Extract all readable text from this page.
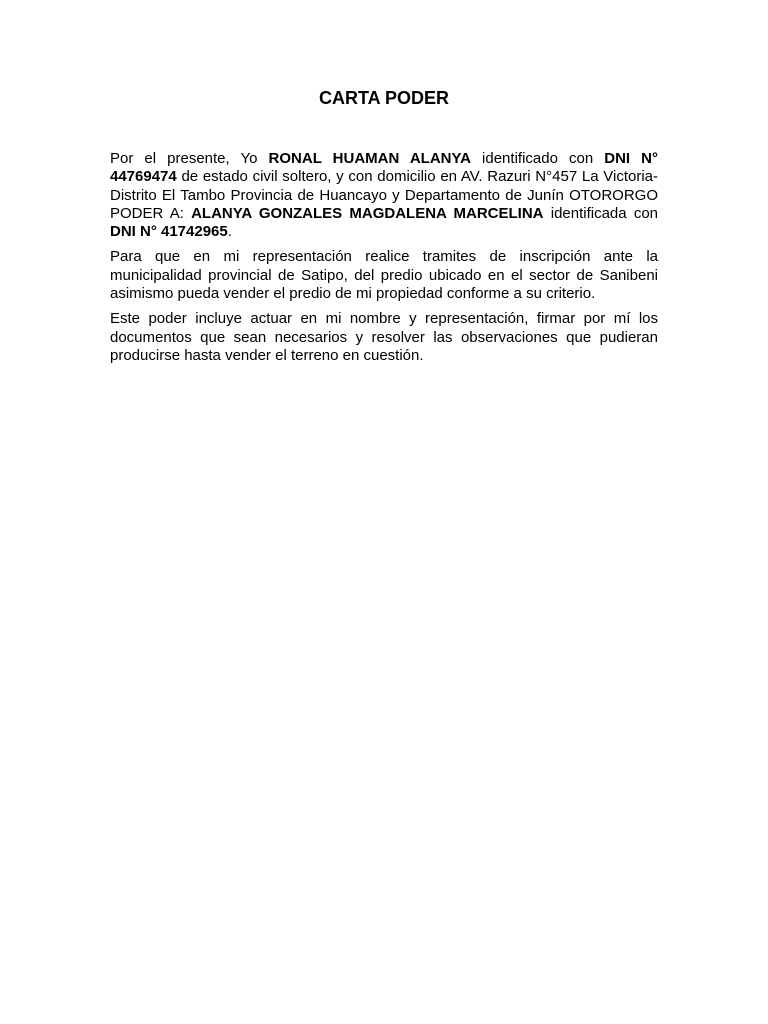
CARTA PODER

Por el presente, Yo RONAL HUAMAN ALANYA identificado con DNI N° 44769474 de estado civil soltero, y con domicilio en AV. Razuri N°457 La Victoria-Distrito El Tambo Provincia de Huancayo y Departamento de Junín OTORORGO PODER A: ALANYA GONZALES MAGDALENA MARCELINA identificada con DNI N° 41742965.

Para que en mi representación realice tramites de inscripción ante la municipalidad provincial de Satipo, del predio ubicado en el sector de Sanibeni asimismo pueda vender el predio de mi propiedad conforme a su criterio.

Este poder incluye actuar en mi nombre y representación, firmar por mí los documentos que sean necesarios y resolver las observaciones que pudieran producirse hasta vender el terreno en cuestión.
